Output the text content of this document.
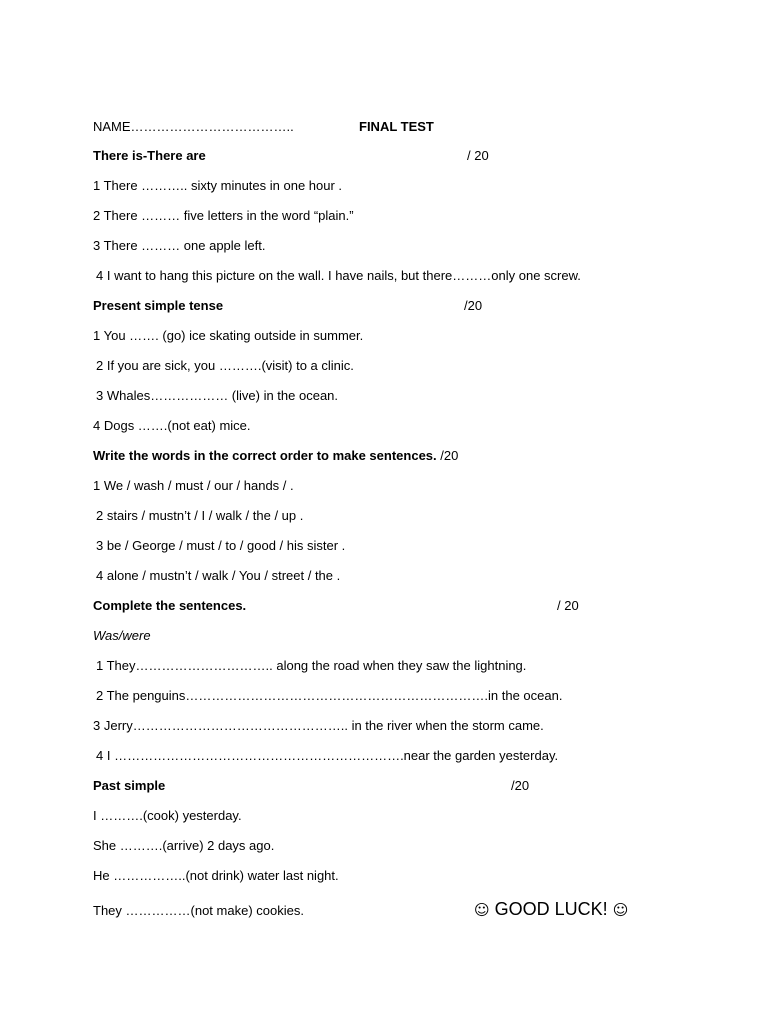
NAME………………………………..	FINAL TEST
There is-There are	/ 20
1 There ……….. sixty minutes in one hour .
2 There ……… five letters in the word “plain.”
3 There ……… one apple left.
4 I want to hang this picture on the wall. I have nails, but there………only one screw.
Present simple tense	/20
1 You ……. (go) ice skating outside in summer.
2 If you are sick, you ……….(visit) to a clinic.
3 Whales……………… (live) in the ocean.
4 Dogs …….(not eat) mice.
Write the words in the correct order to make sentences. /20
1 We / wash / must / our / hands / .
2 stairs / mustn’t / I / walk / the / up .
3 be / George / must / to / good / his sister .
4 alone / mustn’t / walk / You / street / the .
Complete the sentences.	/ 20
Was/were
1 They………………………….. along the road when they saw the lightning.
2 The penguins…………………………………………………………….in the ocean.
3 Jerry………………………………………….. in the river when the storm came.
4 I ………………………………………………………….near the garden yesterday.
Past simple	/20
I ……….(cook) yesterday.
She ……….(arrive) 2 days ago.
He ……………..(not drink) water last night.
They ……………(not make) cookies.	☺ GOOD LUCK! ☺
